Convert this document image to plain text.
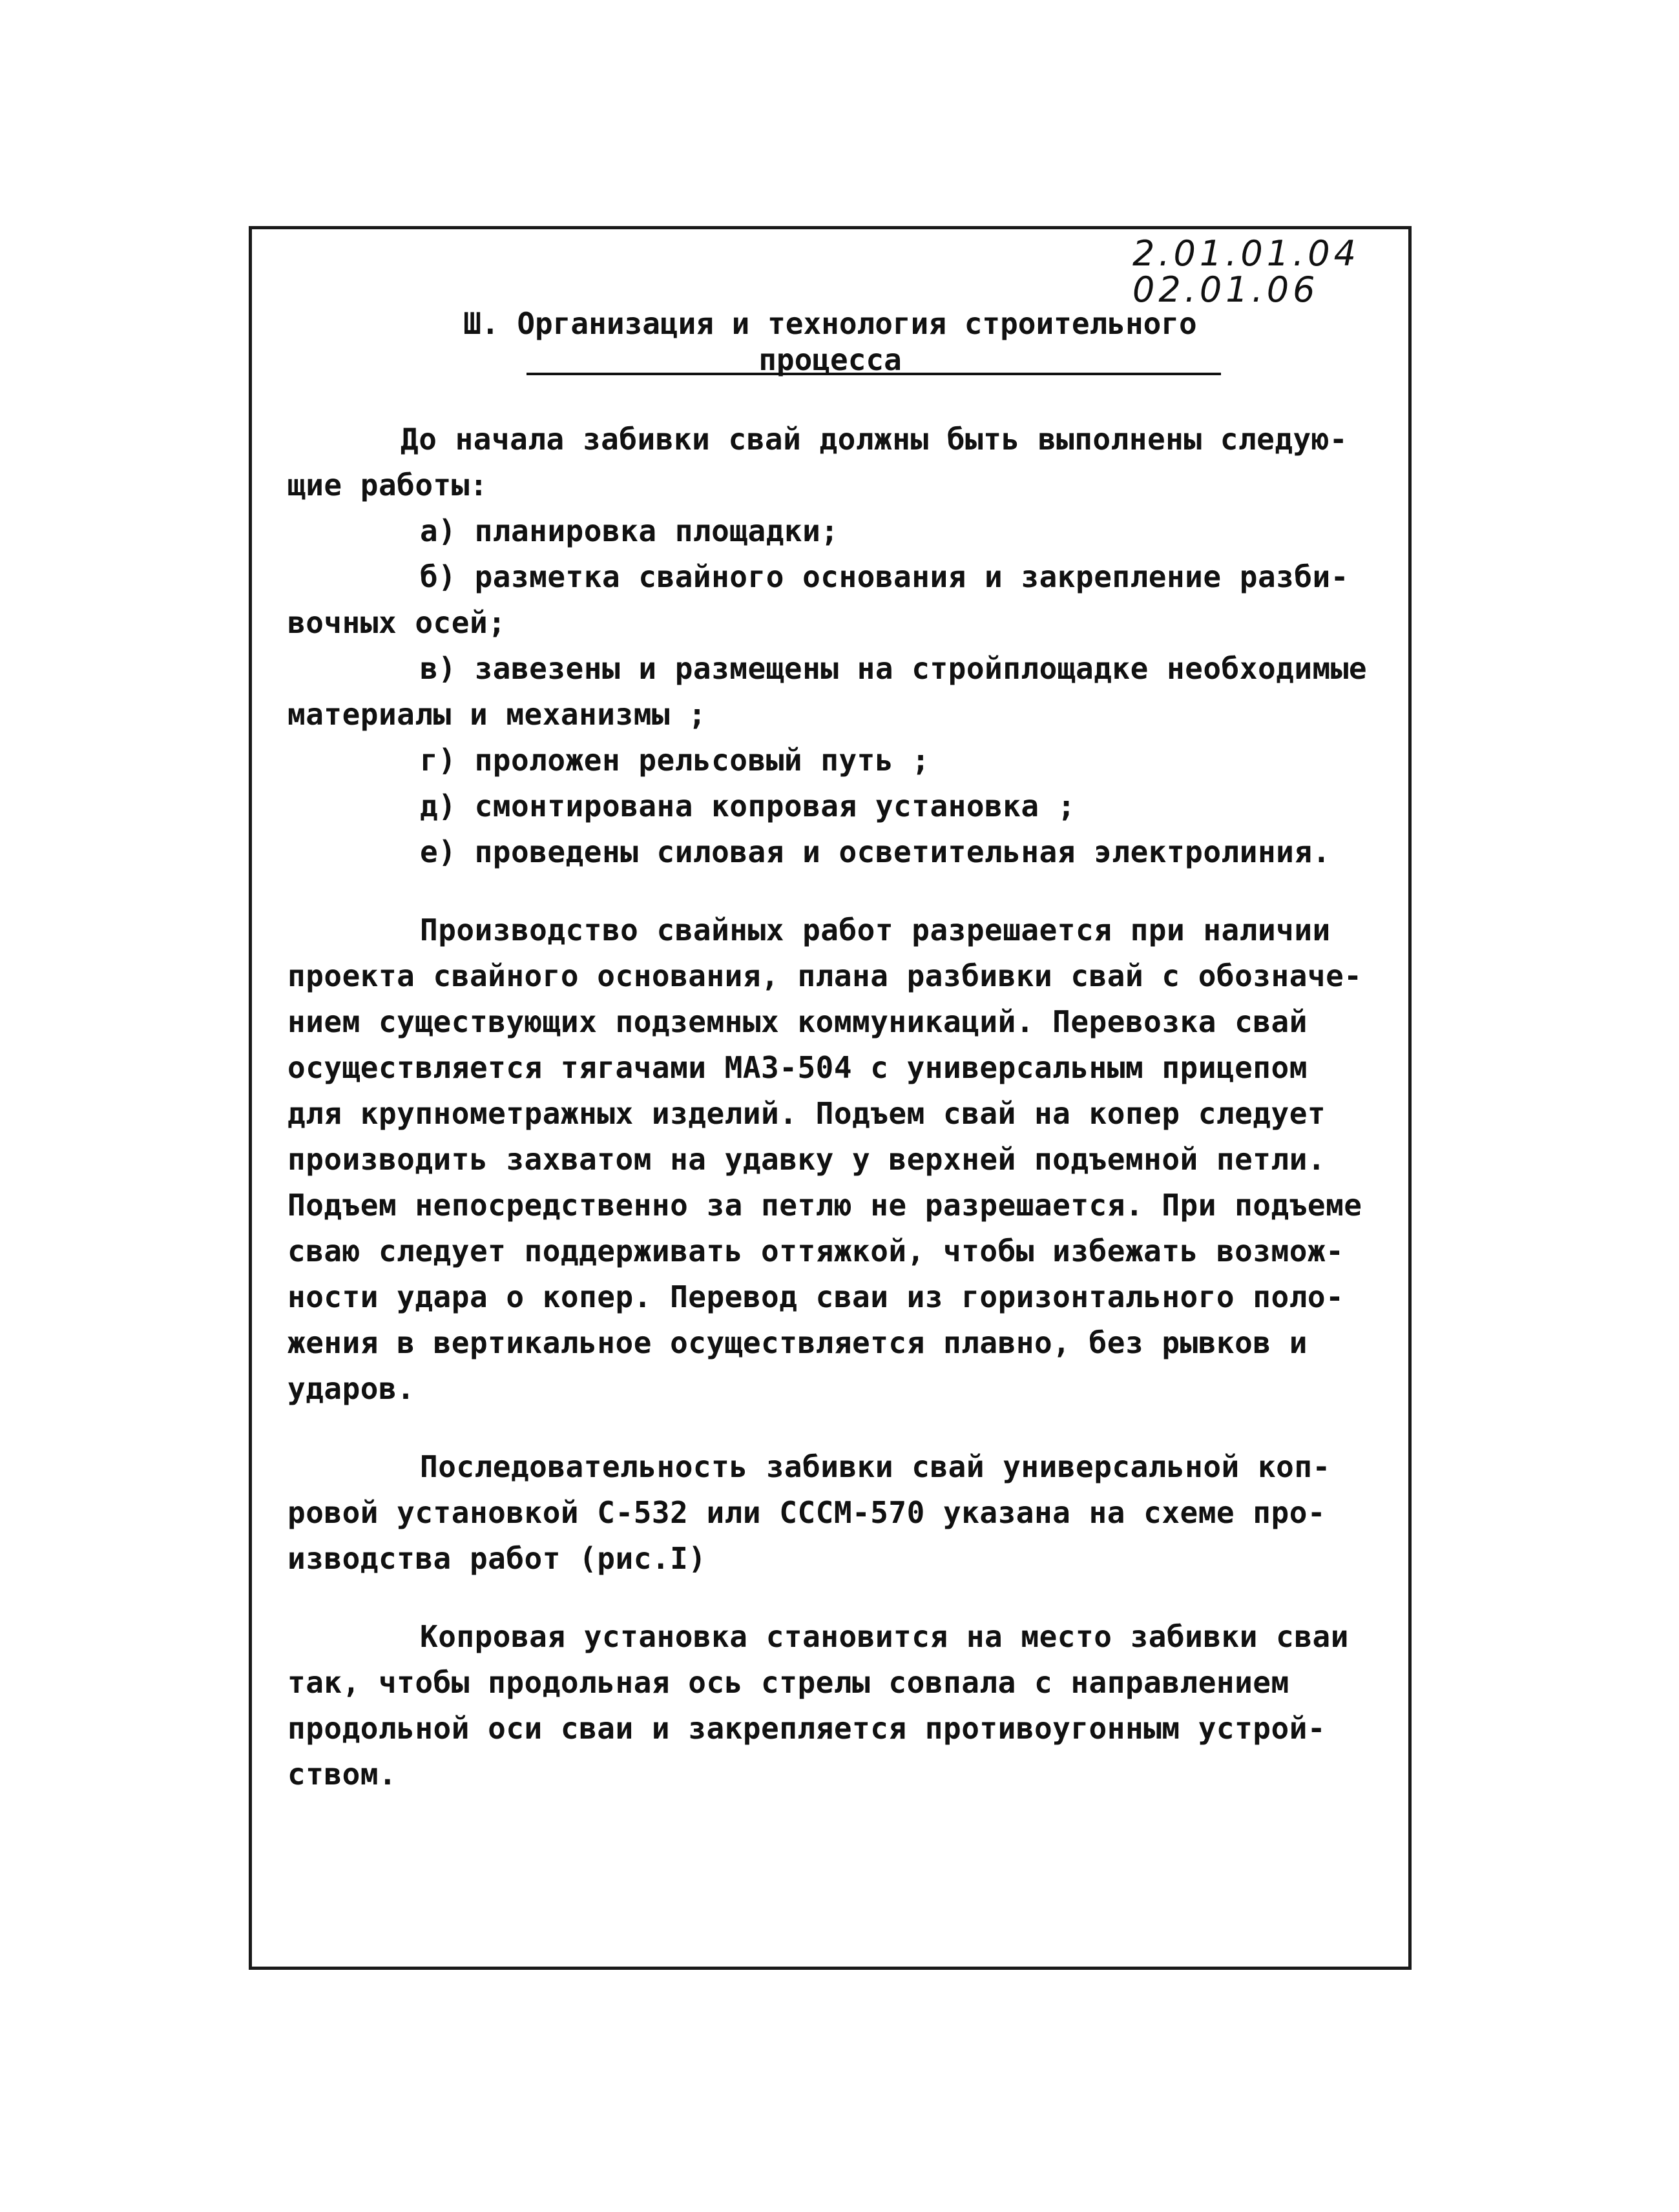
2.01.01.04
02.01.06
Ш. Организация и технология строительного
процесса
До начала забивки свай должны быть выполнены следую-
щие работы:
а) планировка площадки;
б) разметка свайного основания и закрепление разби-
вочных осей;
в) завезены и размещены на стройплощадке необходимые
материалы и механизмы ;
г) проложен рельсовый путь ;
д) смонтирована копровая установка ;
е) проведены силовая и осветительная электролиния.
Производство свайных работ разрешается при наличии
проекта свайного основания, плана разбивки свай с обозначе-
нием существующих подземных коммуникаций. Перевозка свай
осуществляется тягачами МАЗ-504 с универсальным прицепом
для крупнометражных изделий. Подъем свай на копер следует
производить захватом на удавку у верхней подъемной петли.
Подъем непосредственно за петлю не разрешается. При подъеме
сваю следует поддерживать оттяжкой, чтобы избежать возмож-
ности удара о копер. Перевод сваи из горизонтального поло-
жения в вертикальное осуществляется плавно, без рывков и
ударов.
Последовательность забивки свай универсальной коп-
ровой установкой С-532 или СССМ-570 указана на схеме про-
изводства работ (рис.I)
Копровая установка становится на место забивки сваи
так, чтобы продольная ось стрелы совпала с направлением
продольной оси сваи и закрепляется противоугонным устрой-
ством.
